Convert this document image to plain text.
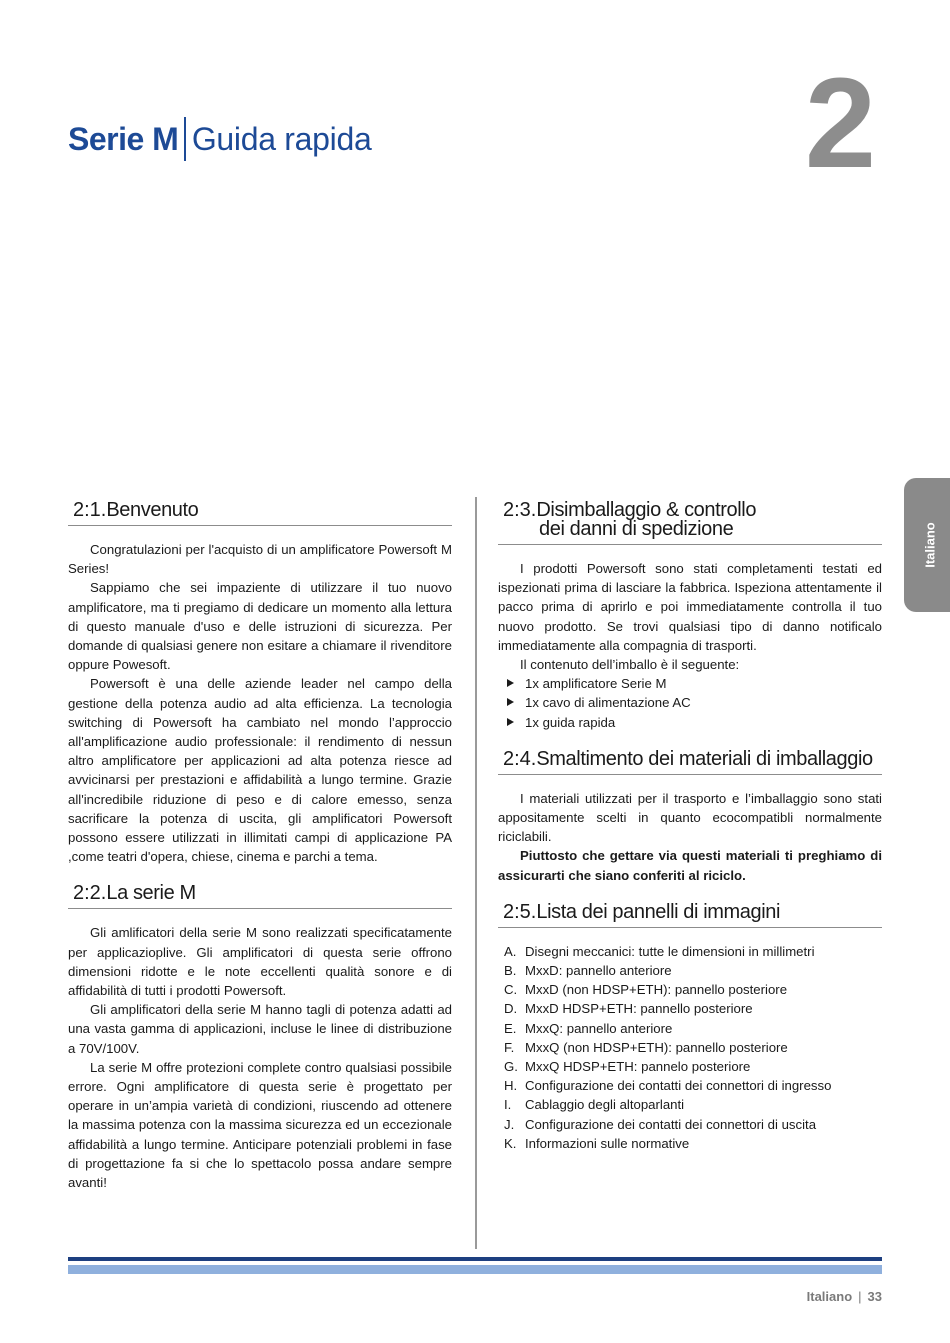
Serie M Guida rapida	2
Italiano
2:1.Benvenuto

Congratulazioni per l'acquisto di un amplificatore Powersoft M Series!

Sappiamo che sei impaziente di utilizzare il tuo nuovo amplificatore, ma ti pregiamo di dedicare un momento alla lettura di questo manuale d'uso e delle istruzioni di sicurezza. Per domande di qualsiasi genere non esitare a chiamare il rivenditore oppure Powesoft.

Powersoft è una delle aziende leader nel campo della gestione della potenza audio ad alta efficienza. La tecnologia switching di Powersoft ha cambiato nel mondo l’approccio all'amplificazione audio professionale: il rendimento di nessun altro amplificatore per applicazioni ad alta potenza riesce ad avvicinarsi per prestazioni e affidabilità a lungo termine. Grazie all'incredibile riduzione di peso e di calore emesso, senza sacrificare la potenza di uscita, gli amplificatori Powersoft possono essere utilizzati in illimitati campi di applicazione PA ,come teatri d'opera, chiese, cinema e parchi a tema.

2:2.La serie M

Gli amlificatori della serie M sono realizzati specificatamente per applicazioplive. Gli amplificatori di questa serie offrono dimensioni ridotte e le note eccellenti qualità sonore e di affidabilità di tutti i prodotti Powersoft.

Gli amplificatori della serie M hanno tagli di potenza adatti ad una vasta gamma di applicazioni, incluse le linee di distribuzione a 70V/100V.

La serie M offre protezioni complete contro qualsiasi possibile errore. Ogni amplificatore di questa serie è progettato per operare in un’ampia varietà di condizioni, riuscendo ad ottenere la massima potenza con la massima sicurezza ed un eccezionale affidabilità a lungo termine. Anticipare potenziali problemi in fase di progettazione fa si che lo spettacolo possa andare sempre avanti!

2:3.Disimballaggio & controllo
dei danni di spedizione

I prodotti Powersoft sono stati completamenti testati ed ispezionati prima di lasciare la fabbrica. Ispeziona attentamente il pacco prima di aprirlo e poi immediatamente controlla il tuo nuovo prodotto. Se trovi qualsiasi tipo di danno notificalo immediatamente alla compagnia di trasporti.

Il contenuto dell’imballo è il seguente:

1x amplificatore Serie M
1x cavo di alimentazione AC
1x guida rapida
2:4.Smaltimento dei materiali di imballaggio

I materiali utilizzati per il trasporto e l’imballaggio sono stati appositamente scelti in quanto ecocompatibli normalmente riciclabili.

Piuttosto che gettare via questi materiali ti preghiamo di assicurarti che siano conferiti al riciclo.

2:5.Lista dei pannelli di immagini
A. Disegni meccanici: tutte le dimensioni in millimetri
B. MxxD: pannello anteriore
C. MxxD (non HDSP+ETH): pannello posteriore
D. MxxD HDSP+ETH: pannello posteriore
E. MxxQ: pannello anteriore
F. MxxQ (non HDSP+ETH): pannello posteriore
G. MxxQ HDSP+ETH: pannelo posteriore
H. Configurazione dei contatti dei connettori di ingresso
I. Cablaggio degli altoparlanti
J. Configurazione dei contatti dei connettori di uscita
K. Informazioni sulle normative
Italiano | 33
